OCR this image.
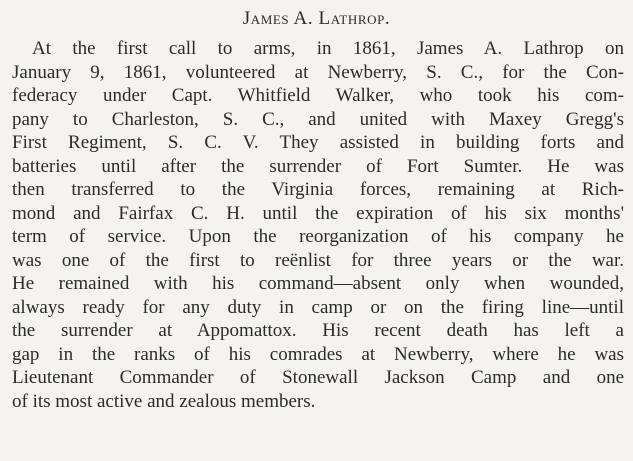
James A. Lathrop.
At the first call to arms, in 1861, James A. Lathrop on
January 9, 1861, volunteered at Newberry, S. C., for the Con-
federacy under Capt. Whitfield Walker, who took his com-
pany to Charleston, S. C., and united with Maxey Gregg's
First Regiment, S. C. V. They assisted in building forts and
batteries until after the surrender of Fort Sumter. He was
then transferred to the Virginia forces, remaining at Rich-
mond and Fairfax C. H. until the expiration of his six months'
term of service. Upon the reorganization of his company he
was one of the first to reënlist for three years or the war.
He remained with his command—absent only when wounded,
always ready for any duty in camp or on the firing line—until
the surrender at Appomattox. His recent death has left a
gap in the ranks of his comrades at Newberry, where he was
Lieutenant Commander of Stonewall Jackson Camp and one
of its most active and zealous members.
